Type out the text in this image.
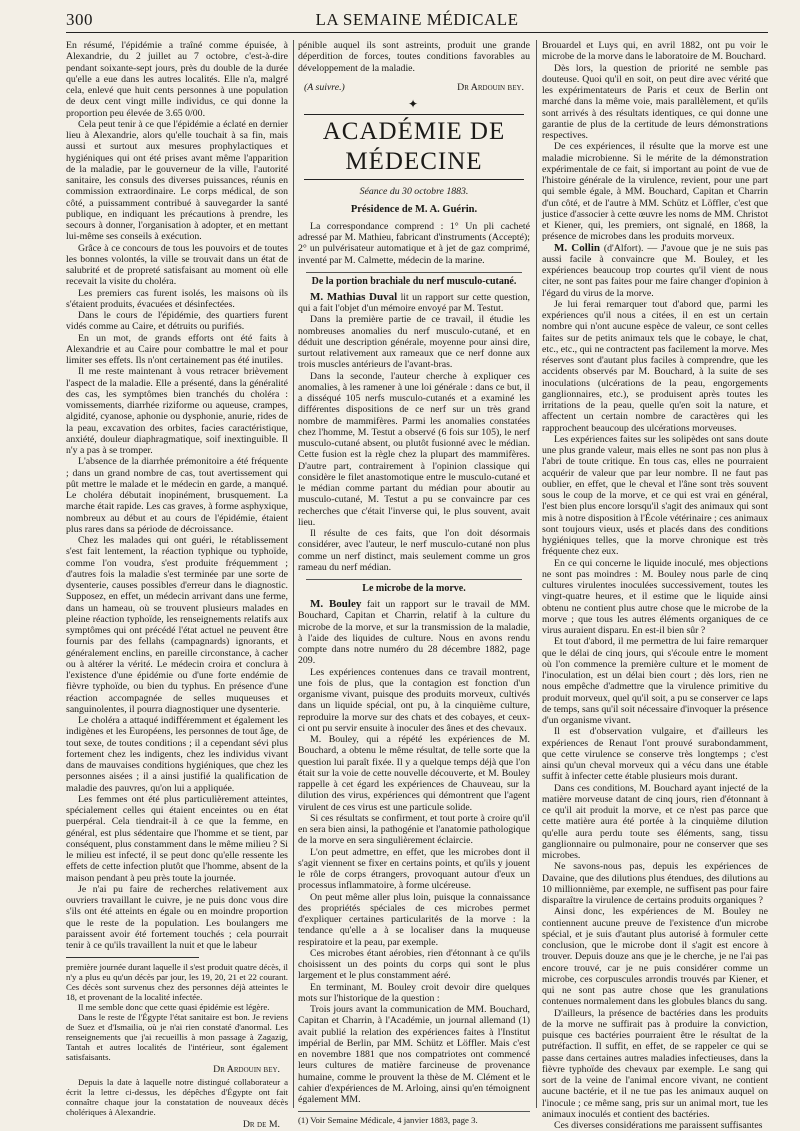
300	LA SEMAINE MÉDICALE

En résumé, l'épidémie a traîné comme épuisée, à Alexandrie, du 2 juillet au 7 octobre, c'est-à-dire pendant soixante-sept jours, près du double de la durée qu'elle a eue dans les autres localités. Elle n'a, malgré cela, enlevé que huit cents personnes à une population de deux cent vingt mille individus, ce qui donne la proportion peu élevée de 3.65 0/00.

Cela peut tenir à ce que l'épidémie a éclaté en dernier lieu à Alexandrie, alors qu'elle touchait à sa fin, mais aussi et surtout aux mesures prophylactiques et hygiéniques qui ont été prises avant même l'apparition de la maladie, par le gouverneur de la ville, l'autorité sanitaire, les consuls des diverses puissances, réunis en commission extraordinaire. Le corps médical, de son côté, a puissamment contribué à sauvegarder la santé publique, en indiquant les précautions à prendre, les secours à donner, l'organisation à adopter, et en mettant lui-même ses conseils à exécution.

Grâce à ce concours de tous les pouvoirs et de toutes les bonnes volontés, la ville se trouvait dans un état de salubrité et de propreté satisfaisant au moment où elle recevait la visite du choléra.

Les premiers cas furent isolés, les maisons où ils s'étaient produits, évacuées et désinfectées.

Dans le cours de l'épidémie, des quartiers furent vidés comme au Caire, et détruits ou purifiés.

En un mot, de grands efforts ont été faits à Alexandrie et au Caire pour combattre le mal et pour limiter ses effets. Ils n'ont certainement pas été inutiles.

Il me reste maintenant à vous retracer brièvement l'aspect de la maladie. Elle a présenté, dans la généralité des cas, les symptômes bien tranchés du choléra : vomissements, diarrhée riziforme ou aqueuse, crampes, algidité, cyanose, aphonie ou dysphonie, anurie, rides de la peau, excavation des orbites, facies caractéristique, anxiété, douleur diaphragmatique, soif inextinguible. Il n'y a pas à se tromper.

L'absence de la diarrhée prémonitoire a été fréquente ; dans un grand nombre de cas, tout avertissement qui pût mettre le malade et le médecin en garde, a manqué. Le choléra débutait inopinément, brusquement. La marche était rapide. Les cas graves, à forme asphyxique, nombreux au début et au cours de l'épidémie, étaient plus rares dans sa période de décroissance.

Chez les malades qui ont guéri, le rétablissement s'est fait lentement, la réaction typhique ou typhoïde, comme l'on voudra, s'est produite fréquemment ; d'autres fois la maladie s'est terminée par une sorte de dysenterie, causes possibles d'erreur dans le diagnostic. Supposez, en effet, un médecin arrivant dans une ferme, dans un hameau, où se trouvent plusieurs malades en pleine réaction typhoïde, les renseignements relatifs aux symptômes qui ont précédé l'état actuel ne peuvent être fournis par des fellahs (campagnards) ignorants, et généralement enclins, en pareille circonstance, à cacher ou à altérer la vérité. Le médecin croira et conclura à l'existence d'une épidémie ou d'une forte endémie de fièvre typhoïde, ou bien du typhus. En présence d'une réaction accompagnée de selles muqueuses et sanguinolentes, il pourra diagnostiquer une dysenterie.

Le choléra a attaqué indifféremment et également les indigènes et les Européens, les personnes de tout âge, de tout sexe, de toutes conditions ; il a cependant sévi plus fortement chez les indigents, chez les individus vivant dans de mauvaises conditions hygiéniques, que chez les personnes aisées ; il a ainsi justifié la qualification de maladie des pauvres, qu'on lui a appliquée.

Les femmes ont été plus particulièrement atteintes, spécialement celles qui étaient enceintes ou en état puerpéral. Cela tiendrait-il à ce que la femme, en général, est plus sédentaire que l'homme et se tient, par conséquent, plus constamment dans le même milieu ? Si le milieu est infecté, il se peut donc qu'elle ressente les effets de cette infection plutôt que l'homme, absent de la maison pendant à peu près toute la journée.

Je n'ai pu faire de recherches relativement aux ouvriers travaillant le cuivre, je ne puis donc vous dire s'ils ont été atteints en égale ou en moindre proportion que le reste de la population. Les boulangers me paraissent avoir été fortement touchés ; cela pourrait tenir à ce qu'ils travaillent la nuit et que le labeur

première journée durant laquelle il s'est produit quatre décès, il n'y a plus eu qu'un décès par jour, les 19, 20, 21 et 22 courant. Ces décès sont survenus chez des personnes déjà atteintes le 18, et provenant de la localité infectée.

Il me semble donc que cette quasi épidémie est légère.

Dans le reste de l'Égypte l'état sanitaire est bon. Je reviens de Suez et d'Ismailia, où je n'ai rien constaté d'anormal. Les renseignements que j'ai recueillis à mon passage à Zagazig, Tantah et autres localités de l'intérieur, sont également satisfaisants.

Dr Ardouin bey.

Depuis la date à laquelle notre distingué collaborateur a écrit la lettre ci-dessus, les dépêches d'Égypte ont fait connaître chaque jour la constatation de nouveaux décès cholériques à Alexandrie.

Dr de M.

pénible auquel ils sont astreints, produit une grande déperdition de forces, toutes conditions favorables au développement de la maladie.

(A suivre.)	Dr Ardouin bey.
✦
ACADÉMIE DE MÉDECINE
Séance du 30 octobre 1883.
Présidence de M. A. Guérin.

La correspondance comprend : 1° Un pli cacheté adressé par M. Mathieu, fabricant d'instruments (Accepté); 2° un pulvérisateur automatique et à jet de gaz comprimé, inventé par M. Calmette, médecin de la marine.

De la portion brachiale du nerf musculo-cutané.

M. Mathias Duval lit un rapport sur cette question, qui a fait l'objet d'un mémoire envoyé par M. Testut.

Dans la première partie de ce travail, il étudie les nombreuses anomalies du nerf musculo-cutané, et en déduit une description générale, moyenne pour ainsi dire, surtout relativement aux rameaux que ce nerf donne aux trois muscles antérieurs de l'avant-bras.

Dans la seconde, l'auteur cherche à expliquer ces anomalies, à les ramener à une loi générale : dans ce but, il a disséqué 105 nerfs musculo-cutanés et a examiné les différentes dispositions de ce nerf sur un très grand nombre de mammifères. Parmi les anomalies constatées chez l'homme, M. Testut a observé (6 fois sur 105), le nerf musculo-cutané absent, ou plutôt fusionné avec le médian. Cette fusion est la règle chez la plupart des mammifères. D'autre part, contrairement à l'opinion classique qui considère le filet anastomotique entre le musculo-cutané et le médian comme partant du médian pour aboutir au musculo-cutané, M. Testut a pu se convaincre par ces recherches que c'était l'inverse qui, le plus souvent, avait lieu.

Il résulte de ces faits, que l'on doit désormais considérer, avec l'auteur, le nerf musculo-cutané non plus comme un nerf distinct, mais seulement comme un gros rameau du nerf médian.

Le microbe de la morve.

M. Bouley fait un rapport sur le travail de MM. Bouchard, Capitan et Charrin, relatif à la culture du microbe de la morve, et sur la transmission de la maladie, à l'aide des liquides de culture. Nous en avons rendu compte dans notre numéro du 28 décembre 1882, page 209.

Les expériences contenues dans ce travail montrent, une fois de plus, que la contagion est fonction d'un organisme vivant, puisque des produits morveux, cultivés dans un liquide spécial, ont pu, à la cinquième culture, reproduire la morve sur des chats et des cobayes, et ceux-ci ont pu servir ensuite à inoculer des ânes et des chevaux.

M. Bouley, qui a répété les expériences de M. Bouchard, a obtenu le même résultat, de telle sorte que la question lui paraît fixée. Il y a quelque temps déjà que l'on était sur la voie de cette nouvelle découverte, et M. Bouley rappelle à cet égard les expériences de Chauveau, sur la dilution des virus, expériences qui démontrent que l'agent virulent de ces virus est une particule solide.

Si ces résultats se confirment, et tout porte à croire qu'il en sera bien ainsi, la pathogénie et l'anatomie pathologique de la morve en sera singulièrement éclaircie.

L'on peut admettre, en effet, que les microbes dont il s'agit viennent se fixer en certains points, et qu'ils y jouent le rôle de corps étrangers, provoquant autour d'eux un processus inflammatoire, à forme ulcéreuse.

On peut même aller plus loin, puisque la connaissance des propriétés spéciales de ces microbes permet d'expliquer certaines particularités de la morve : la tendance qu'elle a à se localiser dans la muqueuse respiratoire et la peau, par exemple.

Ces microbes étant aérobies, rien d'étonnant à ce qu'ils choisissent un des points du corps qui sont le plus largement et le plus constamment aéré.

En terminant, M. Bouley croit devoir dire quelques mots sur l'historique de la question :

Trois jours avant la communication de MM. Bouchard, Capitan et Charrin, à l'Académie, un journal allemand (1) avait publié la relation des expériences faites à l'Institut impérial de Berlin, par MM. Schütz et Löffler. Mais c'est en novembre 1881 que nos compatriotes ont commencé leurs cultures de matière farcineuse de provenance humaine, comme le prouvent la thèse de M. Clément et le cahier d'expériences de M. Arloing, ainsi qu'en témoignent également MM.

(1) Voir Semaine Médicale, 4 janvier 1883, page 3.

Brouardel et Luys qui, en avril 1882, ont pu voir le microbe de la morve dans le laboratoire de M. Bouchard.

Dès lors, la question de priorité ne semble pas douteuse. Quoi qu'il en soit, on peut dire avec vérité que les expérimentateurs de Paris et ceux de Berlin ont marché dans la même voie, mais parallèlement, et qu'ils sont arrivés à des résultats identiques, ce qui donne une garantie de plus de la certitude de leurs démonstrations respectives.

De ces expériences, il résulte que la morve est une maladie microbienne. Si le mérite de la démonstration expérimentale de ce fait, si important au point de vue de l'histoire générale de la virulence, revient, pour une part qui semble égale, à MM. Bouchard, Capitan et Charrin d'un côté, et de l'autre à MM. Schütz et Löffler, c'est que justice d'associer à cette œuvre les noms de MM. Christot et Kiener, qui, les premiers, ont signalé, en 1868, la présence de microbes dans les produits morveux.

M. Collin (d'Alfort). — J'avoue que je ne suis pas aussi facile à convaincre que M. Bouley, et les expériences beaucoup trop courtes qu'il vient de nous citer, ne sont pas faites pour me faire changer d'opinion à l'égard du virus de la morve.

Je lui ferai remarquer tout d'abord que, parmi les expériences qu'il nous a citées, il en est un certain nombre qui n'ont aucune espèce de valeur, ce sont celles faites sur de petits animaux tels que le cobaye, le chat, etc., etc., qui ne contractent pas facilement la morve. Mes réserves sont d'autant plus faciles à comprendre, que les accidents observés par M. Bouchard, à la suite de ses inoculations (ulcérations de la peau, engorgements ganglionnaires, etc.), se produisent après toutes les irritations de la peau, quelle qu'en soit la nature, et affectent un certain nombre de caractères qui les rapprochent beaucoup des ulcérations morveuses.

Les expériences faites sur les solipèdes ont sans doute une plus grande valeur, mais elles ne sont pas non plus à l'abri de toute critique. En tous cas, elles ne pourraient acquérir de valeur que par leur nombre. Il ne faut pas oublier, en effet, que le cheval et l'âne sont très souvent sous le coup de la morve, et ce qui est vrai en général, l'est bien plus encore lorsqu'il s'agit des animaux qui sont mis à notre disposition à l'École vétérinaire ; ces animaux sont toujours vieux, usés et placés dans des conditions hygiéniques telles, que la morve chronique est très fréquente chez eux.

En ce qui concerne le liquide inoculé, mes objections ne sont pas moindres : M. Bouley nous parle de cinq cultures virulentes inoculées successivement, toutes les vingt-quatre heures, et il estime que le liquide ainsi obtenu ne contient plus autre chose que le microbe de la morve ; que tous les autres éléments organiques de ce virus auraient disparu. En est-il bien sûr ?

Et tout d'abord, il me permettra de lui faire remarquer que le délai de cinq jours, qui s'écoule entre le moment où l'on commence la première culture et le moment de l'inoculation, est un délai bien court ; dès lors, rien ne nous empêche d'admettre que la virulence primitive du produit morveux, quel qu'il soit, a pu se conserver ce laps de temps, sans qu'il soit nécessaire d'invoquer la présence d'un organisme vivant.

Il est d'observation vulgaire, et d'ailleurs les expériences de Renaut l'ont prouvé surabondamment, que cette virulence se conserve très longtemps ; c'est ainsi qu'un cheval morveux qui a vécu dans une étable suffit à infecter cette étable plusieurs mois durant.

Dans ces conditions, M. Bouchard ayant injecté de la matière morveuse datant de cinq jours, rien d'étonnant à ce qu'il ait produit la morve, et ce n'est pas parce que cette matière aura été portée à la cinquième dilution qu'elle aura perdu toute ses éléments, sang, tissu ganglionnaire ou pulmonaire, pour ne conserver que ses microbes.

Ne savons-nous pas, depuis les expériences de Davaine, que des dilutions plus étendues, des dilutions au 10 millionnième, par exemple, ne suffisent pas pour faire disparaître la virulence de certains produits organiques ?

Ainsi donc, les expériences de M. Bouley ne contiennent aucune preuve de l'existence d'un microbe spécial, et je suis d'autant plus autorisé à formuler cette conclusion, que le microbe dont il s'agit est encore à trouver. Depuis douze ans que je le cherche, je ne l'ai pas encore trouvé, car je ne puis considérer comme un microbe, ces corpuscules arrondis trouvés par Kiener, et qui ne sont pas autre chose que les granulations contenues normalement dans les globules blancs du sang.

D'ailleurs, la présence de bactéries dans les produits de la morve ne suffirait pas à produire la conviction, puisque ces bactéries pourraient être le résultat de la putréfaction. Il suffit, en effet, de se rappeler ce qui se passe dans certaines autres maladies infectieuses, dans la fièvre typhoïde des chevaux par exemple. Le sang qui sort de la veine de l'animal encore vivant, ne contient aucune bactérie, et il ne tue pas les animaux auquel on l'inocule ; ce même sang, pris sur un animal mort, tue les animaux inoculés et contient des bactéries.

Ces diverses considérations me paraissent suffisantes
